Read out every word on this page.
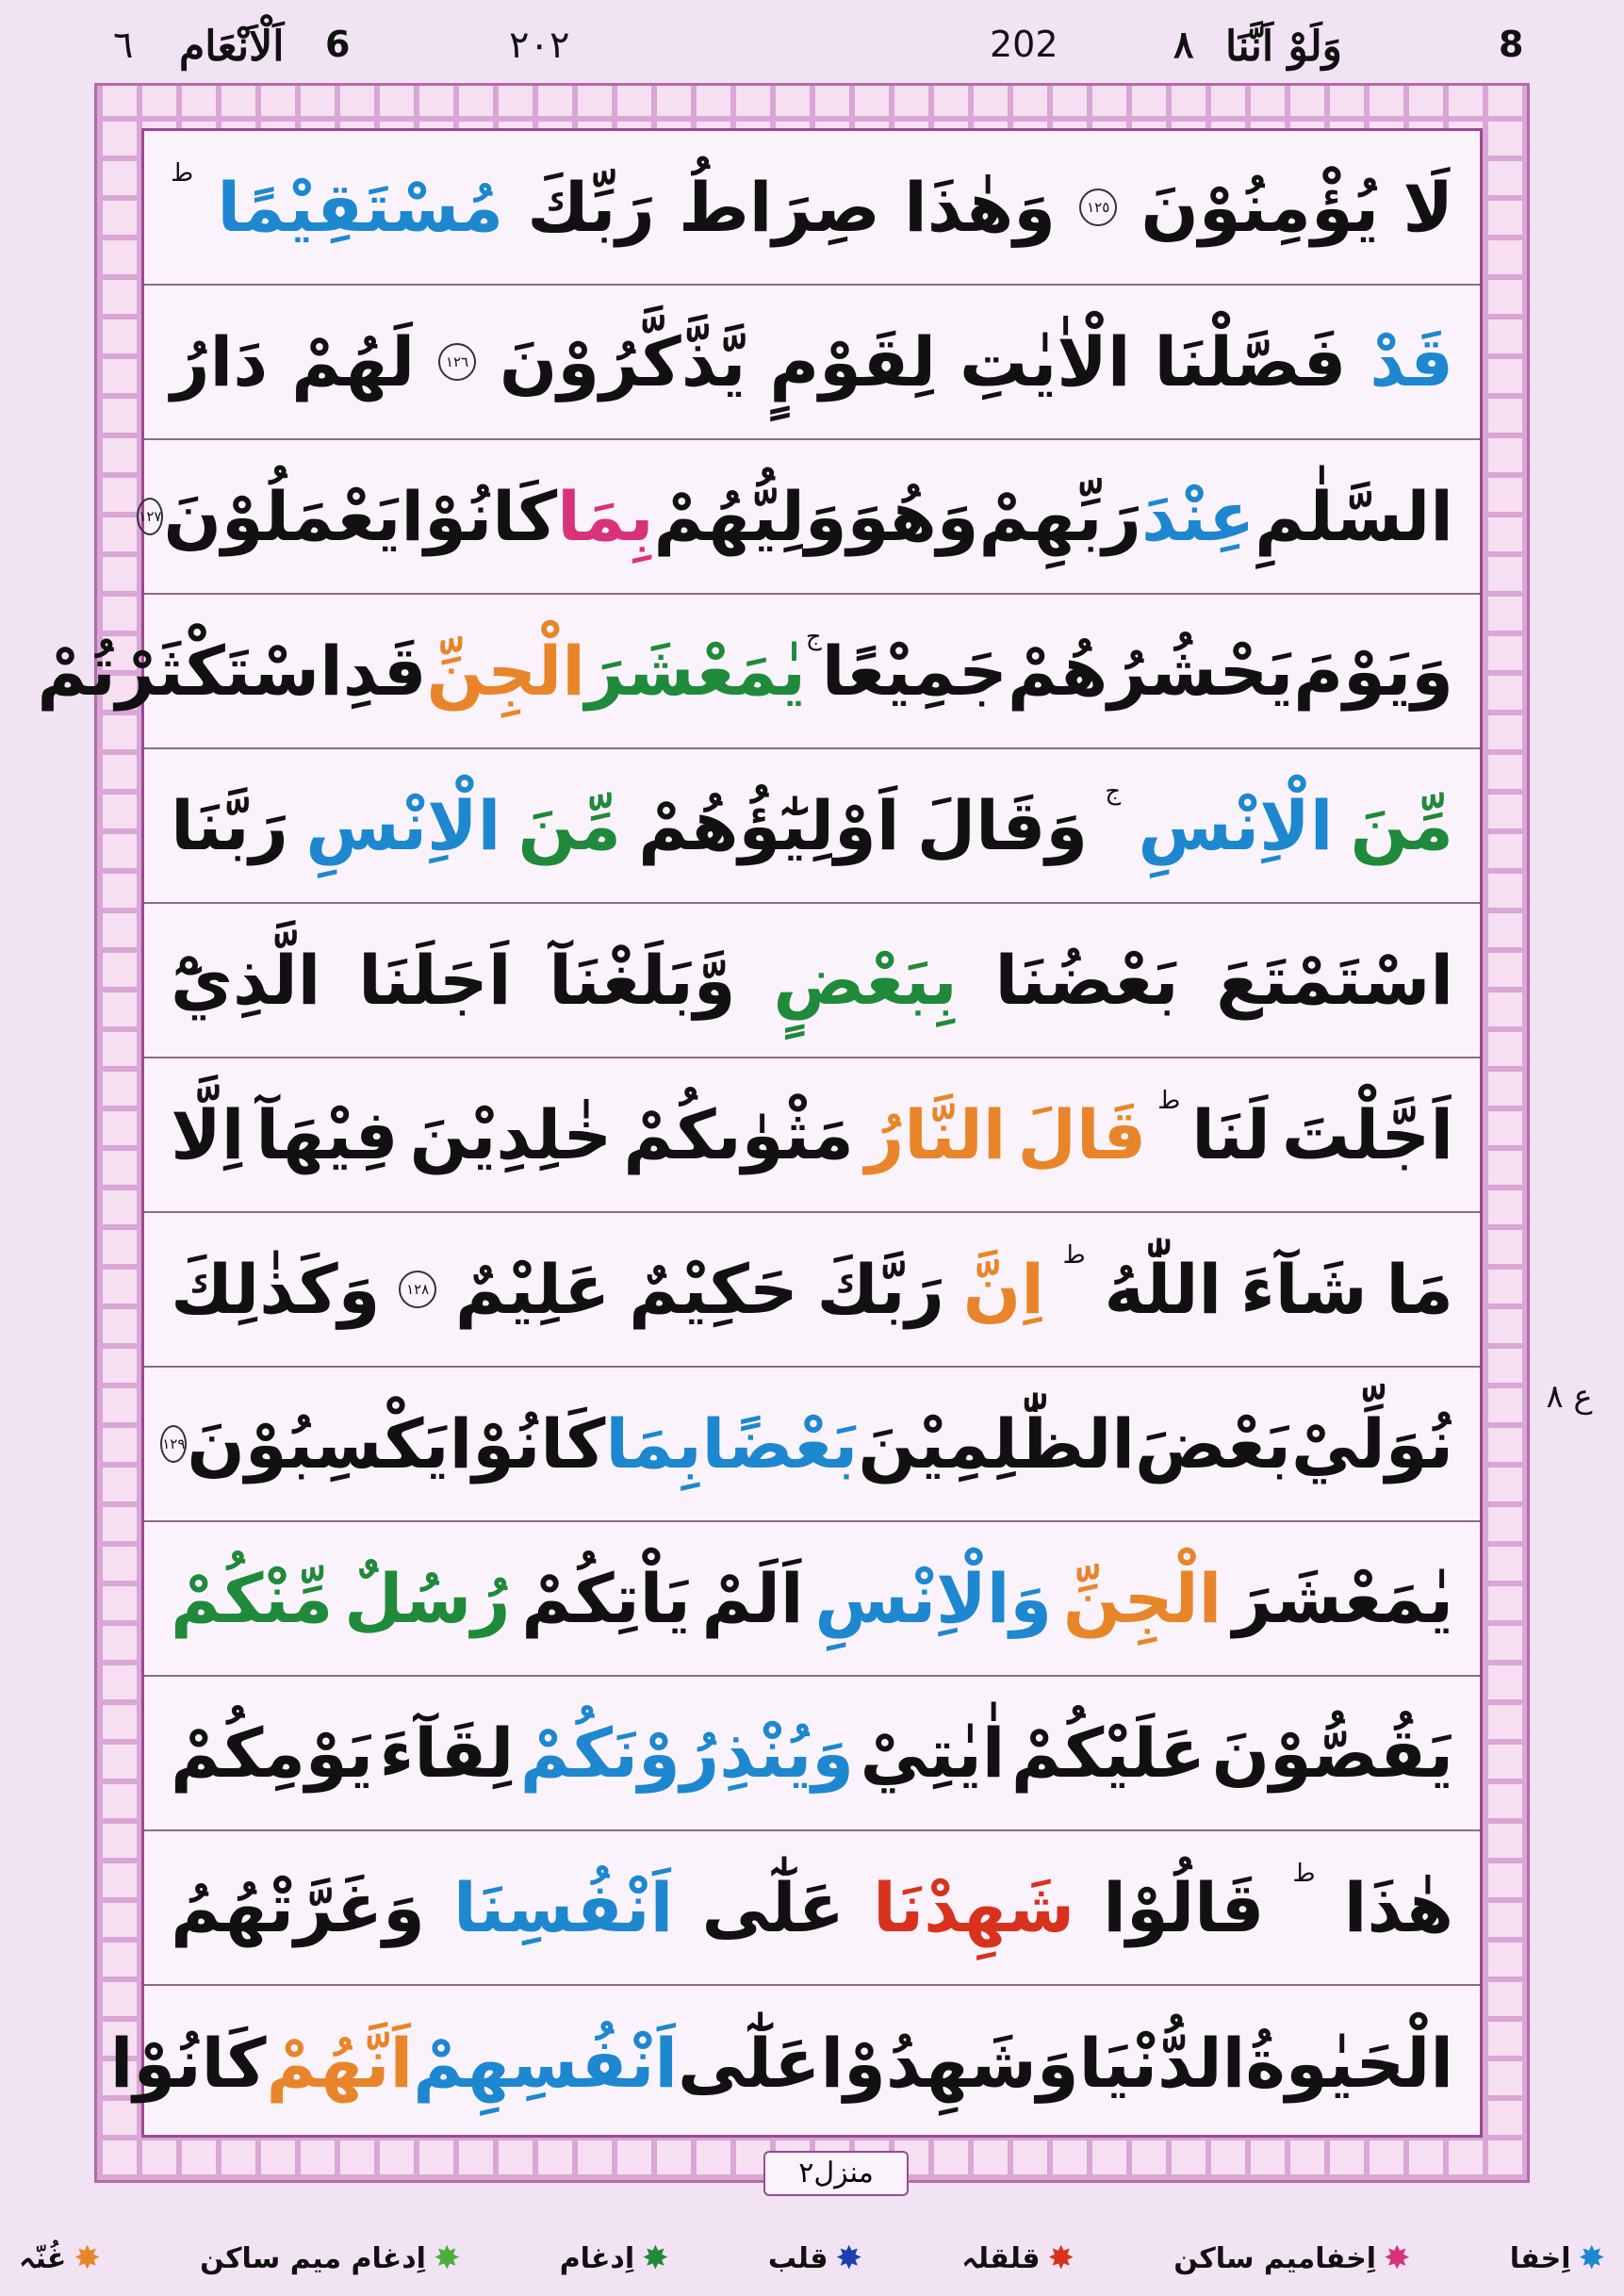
8
وَلَوْ اَنَّنَا
٨
202
٢٠٢
6
اَلْاَنْعَام
٦
لَا
يُؤْمِنُوْنَ
١٢٥
وَهٰذَا
صِرَاطُ
رَبِّكَ
مُسْتَقِيْمًا
ط
قَدْ
فَصَّلْنَا
الْاٰيٰتِ
لِقَوْمٍ
يَّذَّكَّرُوْنَ
١٢٦
لَهُمْ
دَارُ
السَّلٰمِ
عِنْدَ
رَبِّهِمْ
وَهُوَ
وَلِيُّهُمْ
بِمَا
كَانُوْا
يَعْمَلُوْنَ
١٢٧
وَيَوْمَ
يَحْشُرُهُمْ
جَمِيْعًا
ج
يٰمَعْشَرَ
الْجِنِّ
قَدِ
اسْتَكْثَرْتُمْ
مِّنَ
الْاِنْسِ
ج
وَقَالَ
اَوْلِيٰٓؤُهُمْ
مِّنَ
الْاِنْسِ
رَبَّنَا
اسْتَمْتَعَ
بَعْضُنَا
بِبَعْضٍ
وَّبَلَغْنَآ
اَجَلَنَا
الَّذِيْٓ
اَجَّلْتَ
لَنَا
ط
قَالَ
النَّارُ
مَثْوٰىكُمْ
خٰلِدِيْنَ
فِيْهَآ
اِلَّا
مَا
شَآءَ
اللّٰهُ
ط
اِنَّ
رَبَّكَ
حَكِيْمٌ
عَلِيْمٌ
١٢٨
وَكَذٰلِكَ
نُوَلِّيْ
بَعْضَ
الظّٰلِمِيْنَ
بَعْضًا
بِمَا
كَانُوْا
يَكْسِبُوْنَ
١٢٩
يٰمَعْشَرَ
الْجِنِّ
وَالْاِنْسِ
اَلَمْ
يَاْتِكُمْ
رُسُلٌ
مِّنْكُمْ
يَقُصُّوْنَ
عَلَيْكُمْ
اٰيٰتِيْ
وَيُنْذِرُوْنَكُمْ
لِقَآءَ
يَوْمِكُمْ
هٰذَا
ط
قَالُوْا
شَهِدْنَا
عَلٰٓى
اَنْفُسِنَا
وَغَرَّتْهُمُ
الْحَيٰوةُ
الدُّنْيَا
وَشَهِدُوْا
عَلٰٓى
اَنْفُسِهِمْ
اَنَّهُمْ
كَانُوْا
ع ٨
منزل٢
✸
اِخفا
✸
اِخفامیم ساکن
✸
قلقلہ
✸
قلب
✸
اِدغام
✸
اِدغام میم ساکن
✸
غُنّہ
